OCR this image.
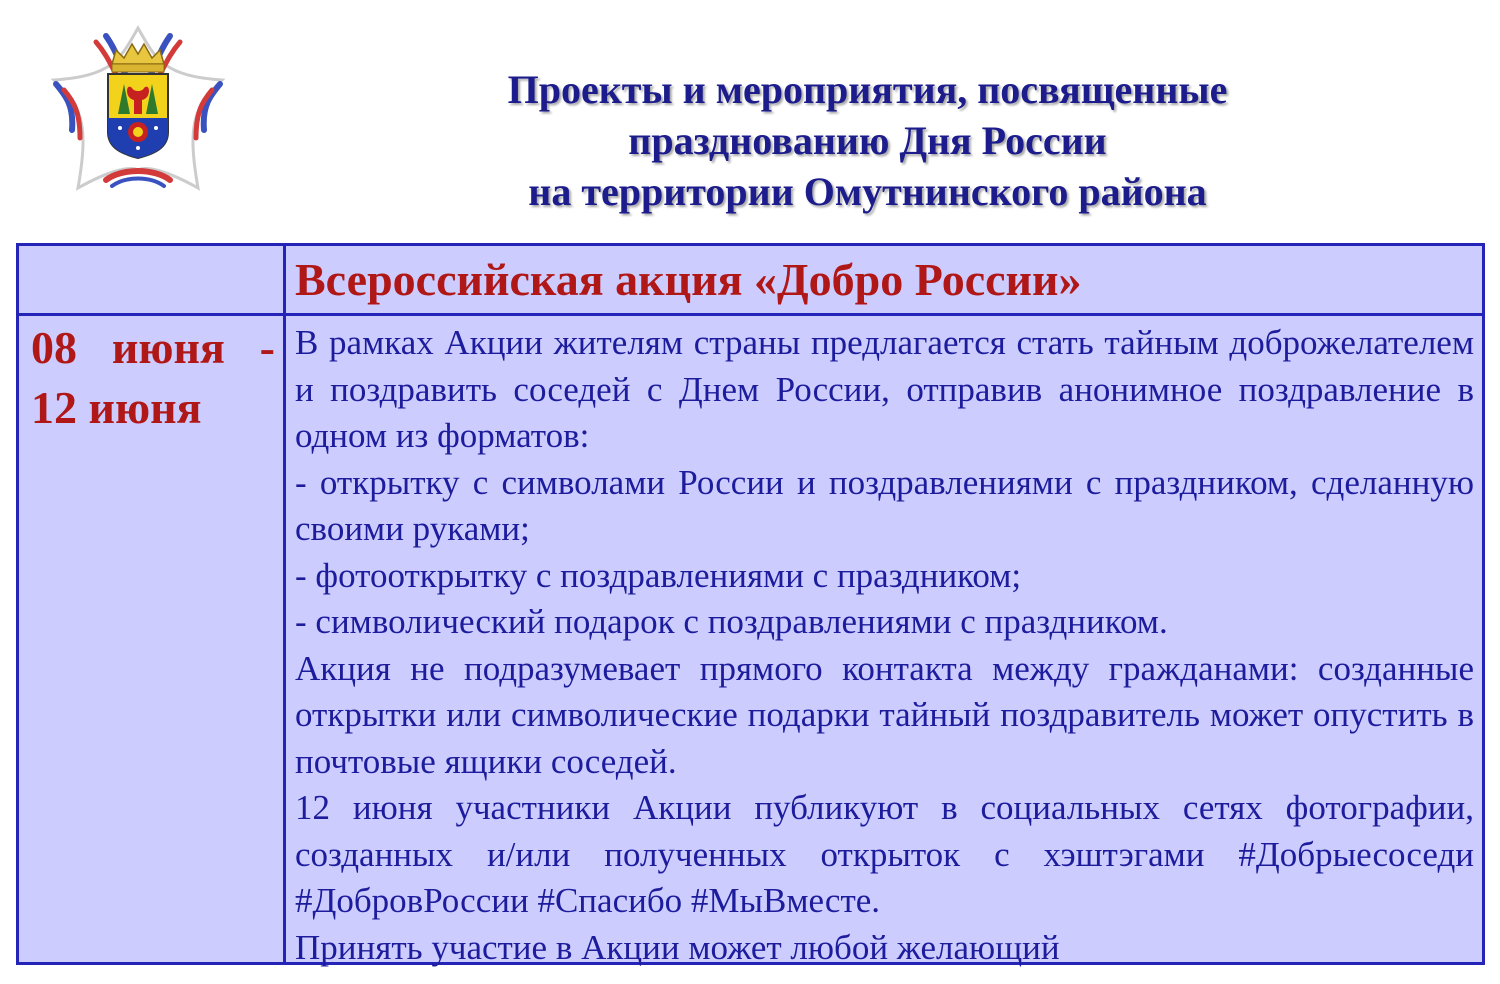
Проекты и мероприятия, посвященные
празднованию Дня России
на территории Омутнинского района
Всероссийская акция «Добро России»
08 июня -
12 июня

В рамках Акции жителям страны предлагается стать тайным доброжелателем и поздравить соседей с Днем России, отправив анонимное поздравление в одном из форматов:

- открытку с символами России и поздравлениями с праздником, сделанную своими руками;

- фотооткрытку с поздравлениями с праздником;

- символический подарок с поздравлениями с праздником.

Акция не подразумевает прямого контакта между гражданами: созданные открытки или символические подарки тайный поздравитель может опустить в почтовые ящики соседей.

12 июня участники Акции публикуют в социальных сетях фотографии, созданных и/или полученных открыток с хэштэгами #Добрыесоседи #ДобровРоссии #Спасибо #МыВместе.

Принять участие в Акции может любой желающий
